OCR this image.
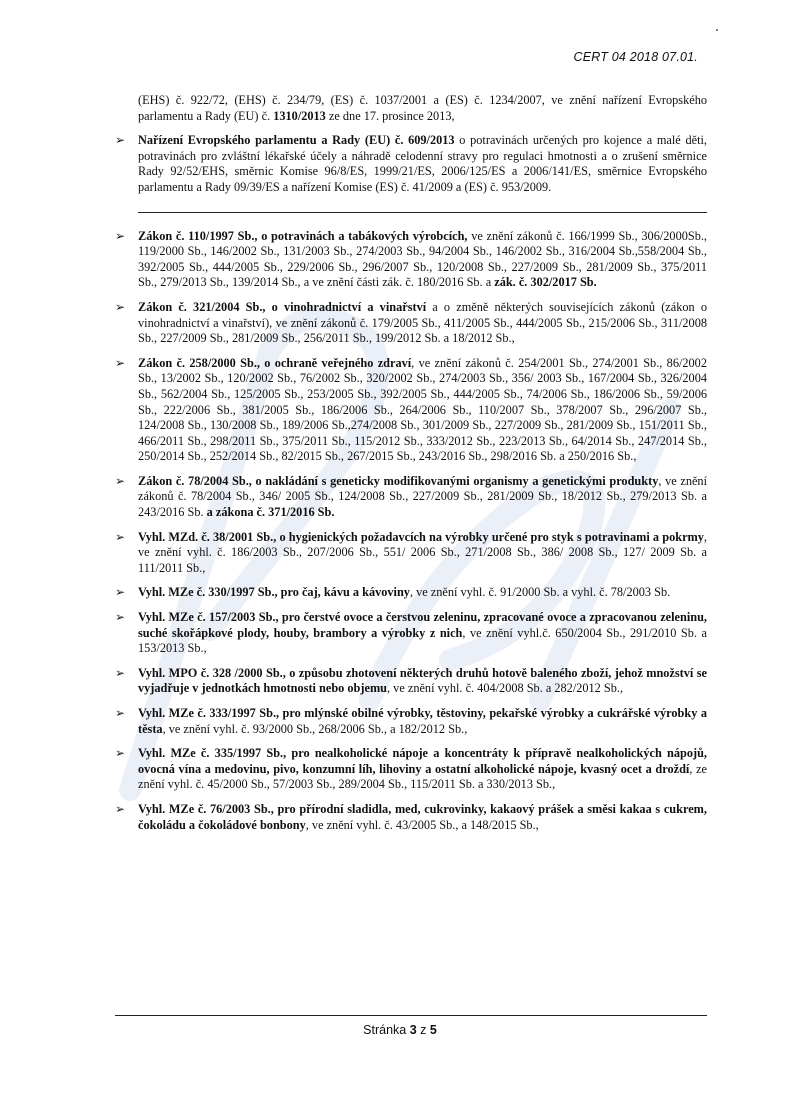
CERT 04 2018 07.01.

(EHS) č. 922/72, (EHS) č. 234/79, (ES) č. 1037/2001 a (ES) č. 1234/2007, ve znění nařízení Evropského parlamentu a Rady (EU) č. 1310/2013 ze dne 17. prosince 2013,

➢ Nařízení Evropského parlamentu a Rady (EU) č. 609/2013 o potravinách určených pro kojence a malé děti, potravinách pro zvláštní lékařské účely a náhradě celodenní stravy pro regulaci hmotnosti a o zrušení směrnice Rady 92/52/EHS, směrnic Komise 96/8/ES, 1999/21/ES, 2006/125/ES a 2006/141/ES, směrnice Evropského parlamentu a Rady 09/39/ES a nařízení Komise (ES) č. 41/2009 a (ES) č. 953/2009.
➢ Zákon č. 110/1997 Sb., o potravinách a tabákových výrobcích, ve znění zákonů č. 166/1999 Sb., 306/2000Sb., 119/2000 Sb., 146/2002 Sb., 131/2003 Sb., 274/2003 Sb., 94/2004 Sb., 146/2002 Sb., 316/2004 Sb.,558/2004 Sb., 392/2005 Sb., 444/2005 Sb., 229/2006 Sb., 296/2007 Sb., 120/2008 Sb., 227/2009 Sb., 281/2009 Sb., 375/2011 Sb., 279/2013 Sb., 139/2014 Sb., a ve znění části zák. č. 180/2016 Sb. a zák. č. 302/2017 Sb.
➢ Zákon č. 321/2004 Sb., o vinohradnictví a vinařství a o změně některých souvisejících zákonů (zákon o vinohradnictví a vinařství), ve znění zákonů č. 179/2005 Sb., 411/2005 Sb., 444/2005 Sb., 215/2006 Sb., 311/2008 Sb., 227/2009 Sb., 281/2009 Sb., 256/2011 Sb., 199/2012 Sb. a 18/2012 Sb.,
➢ Zákon č. 258/2000 Sb., o ochraně veřejného zdraví, ve znění zákonů č. 254/2001 Sb., 274/2001 Sb., 86/2002 Sb., 13/2002 Sb., 120/2002 Sb., 76/2002 Sb., 320/2002 Sb., 274/2003 Sb., 356/ 2003 Sb., 167/2004 Sb., 326/2004 Sb., 562/2004 Sb., 125/2005 Sb., 253/2005 Sb., 392/2005 Sb., 444/2005 Sb., 74/2006 Sb., 186/2006 Sb., 59/2006 Sb., 222/2006 Sb., 381/2005 Sb., 186/2006 Sb., 264/2006 Sb., 110/2007 Sb., 378/2007 Sb., 296/2007 Sb., 124/2008 Sb., 130/2008 Sb., 189/2006 Sb.,274/2008 Sb., 301/2009 Sb., 227/2009 Sb., 281/2009 Sb., 151/2011 Sb., 466/2011 Sb., 298/2011 Sb., 375/2011 Sb., 115/2012 Sb., 333/2012 Sb., 223/2013 Sb., 64/2014 Sb., 247/2014 Sb., 250/2014 Sb., 252/2014 Sb., 82/2015 Sb., 267/2015 Sb., 243/2016 Sb., 298/2016 Sb. a 250/2016 Sb.,
➢ Zákon č. 78/2004 Sb., o nakládání s geneticky modifikovanými organismy a genetickými produkty, ve znění zákonů č. 78/2004 Sb., 346/ 2005 Sb., 124/2008 Sb., 227/2009 Sb., 281/2009 Sb., 18/2012 Sb., 279/2013 Sb. a 243/2016 Sb. a zákona č. 371/2016 Sb.
➢ Vyhl. MZd. č. 38/2001 Sb., o hygienických požadavcích na výrobky určené pro styk s potravinami a pokrmy, ve znění vyhl. č. 186/2003 Sb., 207/2006 Sb., 551/ 2006 Sb., 271/2008 Sb., 386/ 2008 Sb., 127/ 2009 Sb. a 111/2011 Sb.,
➢ Vyhl. MZe č. 330/1997 Sb., pro čaj, kávu a kávoviny, ve znění vyhl. č. 91/2000 Sb. a vyhl. č. 78/2003 Sb.
➢ Vyhl. MZe č. 157/2003 Sb., pro čerstvé ovoce a čerstvou zeleninu, zpracované ovoce a zpracovanou zeleninu, suché skořápkové plody, houby, brambory a výrobky z nich, ve znění vyhl.č. 650/2004 Sb., 291/2010 Sb. a 153/2013 Sb.,
➢ Vyhl. MPO č. 328 /2000 Sb., o způsobu zhotovení některých druhů hotově baleného zboží, jehož množství se vyjadřuje v jednotkách hmotnosti nebo objemu, ve znění vyhl. č. 404/2008 Sb. a 282/2012 Sb.,
➢ Vyhl. MZe č. 333/1997 Sb., pro mlýnské obilné výrobky, těstoviny, pekařské výrobky a cukrářské výrobky a těsta, ve znění vyhl. č. 93/2000 Sb., 268/2006 Sb., a 182/2012 Sb.,
➢ Vyhl. MZe č. 335/1997 Sb., pro nealkoholické nápoje a koncentráty k přípravě nealkoholických nápojů, ovocná vína a medovinu, pivo, konzumní líh, lihoviny a ostatní alkoholické nápoje, kvasný ocet a droždí, ze znění vyhl. č. 45/2000 Sb., 57/2003 Sb., 289/2004 Sb., 115/2011 Sb. a 330/2013 Sb.,
➢ Vyhl. MZe č. 76/2003 Sb., pro přírodní sladidla, med, cukrovinky, kakaový prášek a směsi kakaa s cukrem, čokoládu a čokoládové bonbony, ve znění vyhl. č. 43/2005 Sb., a 148/2015 Sb.,
Stránka 3 z 5
